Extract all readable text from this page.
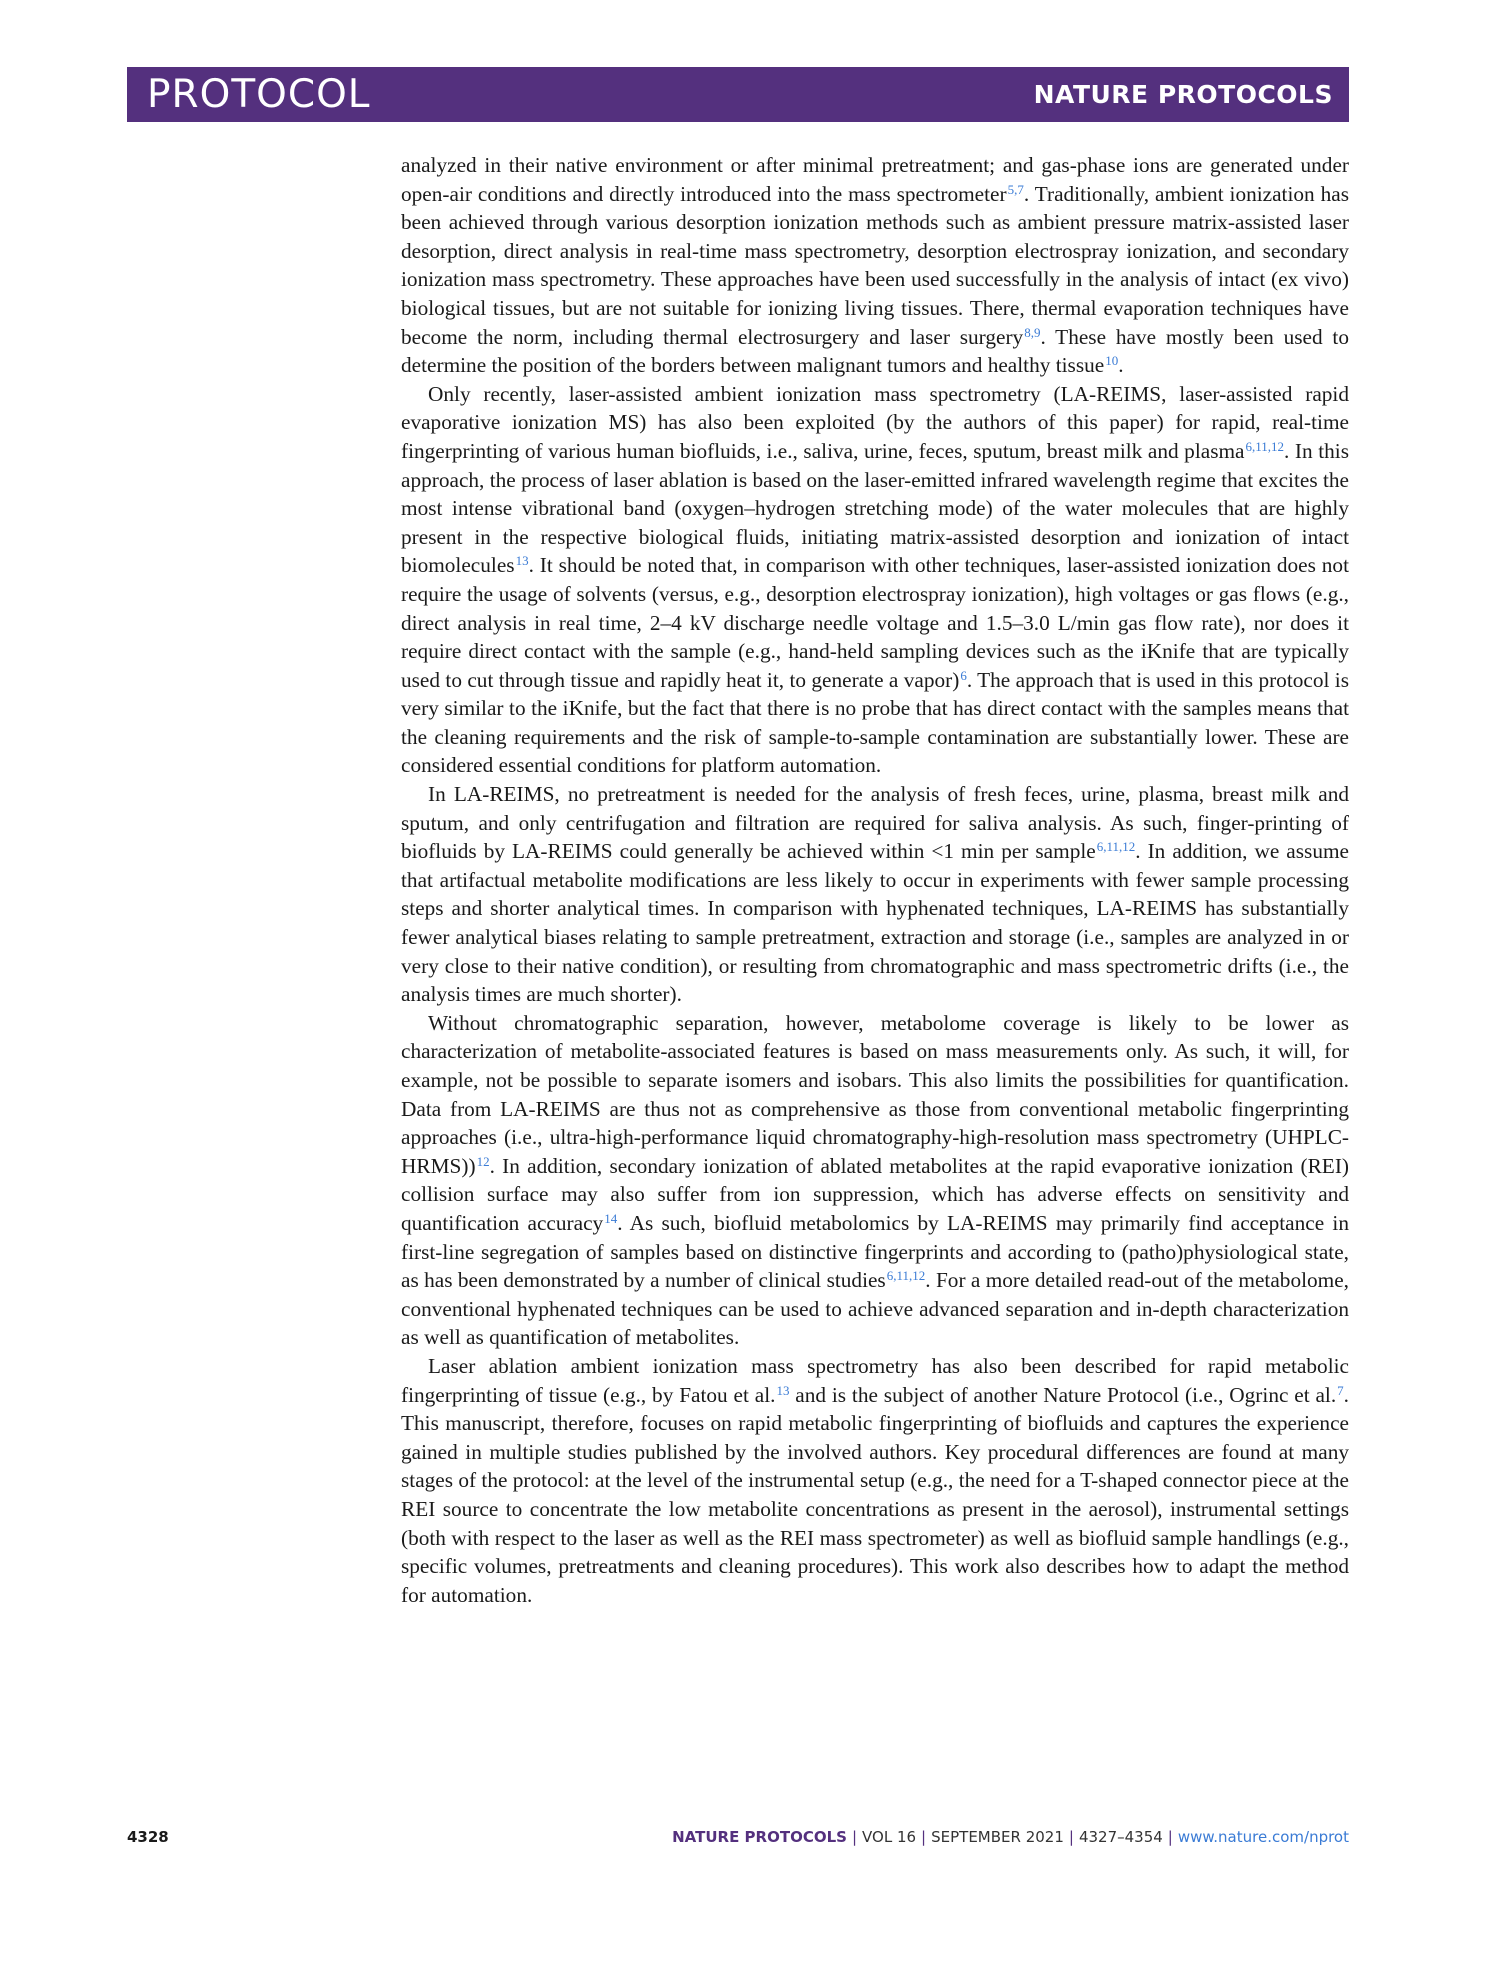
PROTOCOL	NATURE PROTOCOLS

analyzed in their native environment or after minimal pretreatment; and gas-phase ions are generated under open-air conditions and directly introduced into the mass spectrometer$^{5,7}$. Traditionally, ambient ionization has been achieved through various desorption ionization methods such as ambient pressure matrix-assisted laser desorption, direct analysis in real-time mass spectrometry, desorption electrospray ionization, and secondary ionization mass spectrometry. These approaches have been used successfully in the analysis of intact (ex vivo) biological tissues, but are not suitable for ionizing living tissues. There, thermal evaporation techniques have become the norm, including thermal electrosurgery and laser surgery$^{8,9}$. These have mostly been used to determine the position of the borders between malignant tumors and healthy tissue$^{10}$.

Only recently, laser-assisted ambient ionization mass spectrometry (LA-REIMS, laser-assisted rapid evaporative ionization MS) has also been exploited (by the authors of this paper) for rapid, real-time fingerprinting of various human biofluids, i.e., saliva, urine, feces, sputum, breast milk and plasma$^{6,11,12}$. In this approach, the process of laser ablation is based on the laser-emitted infrared wavelength regime that excites the most intense vibrational band (oxygen–hydrogen stretching mode) of the water molecules that are highly present in the respective biological fluids, initiating matrix-assisted desorption and ionization of intact biomolecules$^{13}$. It should be noted that, in comparison with other techniques, laser-assisted ionization does not require the usage of solvents (versus, e.g., desorption electrospray ionization), high voltages or gas flows (e.g., direct analysis in real time, 2–4 kV discharge needle voltage and 1.5–3.0 L/min gas flow rate), nor does it require direct contact with the sample (e.g., hand-held sampling devices such as the iKnife that are typically used to cut through tissue and rapidly heat it, to generate a vapor)$^6$. The approach that is used in this protocol is very similar to the iKnife, but the fact that there is no probe that has direct contact with the samples means that the cleaning requirements and the risk of sample-to-sample contamination are substantially lower. These are considered essential conditions for platform automation.

In LA-REIMS, no pretreatment is needed for the analysis of fresh feces, urine, plasma, breast milk and sputum, and only centrifugation and filtration are required for saliva analysis. As such, finger-printing of biofluids by LA-REIMS could generally be achieved within <1 min per sample$^{6,11,12}$. In addition, we assume that artifactual metabolite modifications are less likely to occur in experiments with fewer sample processing steps and shorter analytical times. In comparison with hyphenated techniques, LA-REIMS has substantially fewer analytical biases relating to sample pretreatment, extraction and storage (i.e., samples are analyzed in or very close to their native condition), or resulting from chromatographic and mass spectrometric drifts (i.e., the analysis times are much shorter).

Without chromatographic separation, however, metabolome coverage is likely to be lower as characterization of metabolite-associated features is based on mass measurements only. As such, it will, for example, not be possible to separate isomers and isobars. This also limits the possibilities for quantification. Data from LA-REIMS are thus not as comprehensive as those from conventional metabolic fingerprinting approaches (i.e., ultra-high-performance liquid chromatography-high-resolution mass spectrometry (UHPLC-HRMS))$^{12}$. In addition, secondary ionization of ablated metabolites at the rapid evaporative ionization (REI) collision surface may also suffer from ion suppression, which has adverse effects on sensitivity and quantification accuracy$^{14}$. As such, biofluid metabolomics by LA-REIMS may primarily find acceptance in first-line segregation of samples based on distinctive fingerprints and according to (patho)physiological state, as has been demonstrated by a number of clinical studies$^{6,11,12}$. For a more detailed read-out of the metabolome, conventional hyphenated techniques can be used to achieve advanced separation and in-depth characterization as well as quantification of metabolites.

Laser ablation ambient ionization mass spectrometry has also been described for rapid metabolic fingerprinting of tissue (e.g., by Fatou et al.$^{13}$ and is the subject of another Nature Protocol (i.e., Ogrinc et al.$^7$. This manuscript, therefore, focuses on rapid metabolic fingerprinting of biofluids and captures the experience gained in multiple studies published by the involved authors. Key procedural differences are found at many stages of the protocol: at the level of the instrumental setup (e.g., the need for a T-shaped connector piece at the REI source to concentrate the low metabolite concentrations as present in the aerosol), instrumental settings (both with respect to the laser as well as the REI mass spectrometer) as well as biofluid sample handlings (e.g., specific volumes, pretreatments and cleaning procedures). This work also describes how to adapt the method for automation.

4328	NATURE PROTOCOLS | VOL 16 | SEPTEMBER 2021 | 4327–4354 | www.nature.com/nprot
